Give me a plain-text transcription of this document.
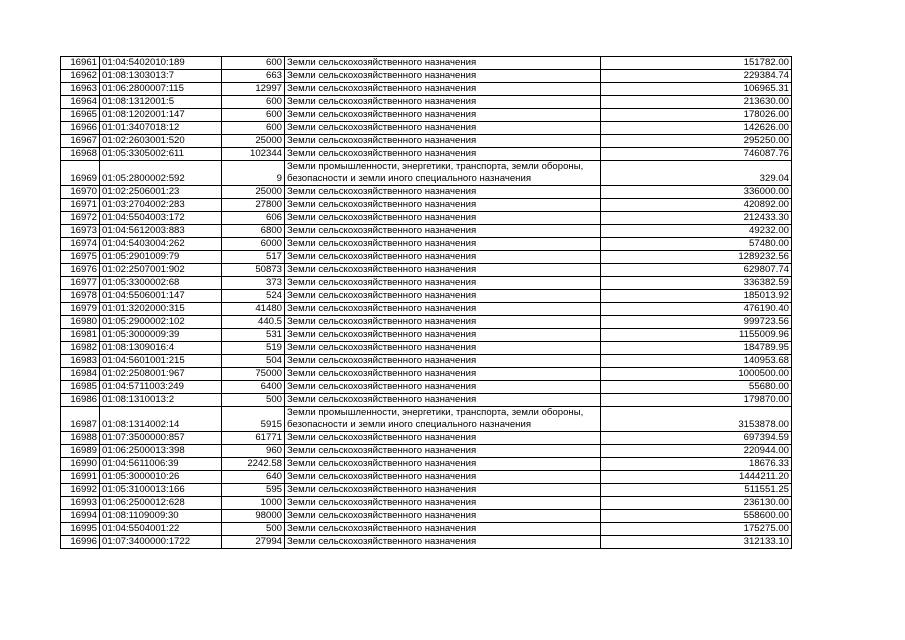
16961	01:04:5402010:189	600	Земли сельскохозяйственного назначения	151782.00
16962	01:08:1303013:7	663	Земли сельскохозяйственного назначения	229384.74
16963	01:06:2800007:115	12997	Земли сельскохозяйственного назначения	106965.31
16964	01:08:1312001:5	600	Земли сельскохозяйственного назначения	213630.00
16965	01:08:1202001:147	600	Земли сельскохозяйственного назначения	178026.00
16966	01:01:3407018:12	600	Земли сельскохозяйственного назначения	142626.00
16967	01:02:2603001:520	25000	Земли сельскохозяйственного назначения	295250.00
16968	01:05:3305002:611	102344	Земли сельскохозяйственного назначения	746087.76
16969	01:05:2800002:592	9	Земли промышленности, энергетики, транспорта, земли обороны, безопасности и земли иного специального назначения	329.04
16970	01:02:2506001:23	25000	Земли сельскохозяйственного назначения	336000.00
16971	01:03:2704002:283	27800	Земли сельскохозяйственного назначения	420892.00
16972	01:04:5504003:172	606	Земли сельскохозяйственного назначения	212433.30
16973	01:04:5612003:883	6800	Земли сельскохозяйственного назначения	49232.00
16974	01:04:5403004:262	6000	Земли сельскохозяйственного назначения	57480.00
16975	01:05:2901009:79	517	Земли сельскохозяйственного назначения	1289232.56
16976	01:02:2507001:902	50873	Земли сельскохозяйственного назначения	629807.74
16977	01:05:3300002:68	373	Земли сельскохозяйственного назначения	336382.59
16978	01:04:5506001:147	524	Земли сельскохозяйственного назначения	185013.92
16979	01:01:3202000:315	41480	Земли сельскохозяйственного назначения	476190.40
16980	01:05:2900002:102	440.5	Земли сельскохозяйственного назначения	999723.56
16981	01:05:3000009:39	531	Земли сельскохозяйственного назначения	1155009.96
16982	01:08:1309016:4	519	Земли сельскохозяйственного назначения	184789.95
16983	01:04:5601001:215	504	Земли сельскохозяйственного назначения	140953.68
16984	01:02:2508001:967	75000	Земли сельскохозяйственного назначения	1000500.00
16985	01:04:5711003:249	6400	Земли сельскохозяйственного назначения	55680.00
16986	01:08:1310013:2	500	Земли сельскохозяйственного назначения	179870.00
16987	01:08:1314002:14	5915	Земли промышленности, энергетики, транспорта, земли обороны, безопасности и земли иного специального назначения	3153878.00
16988	01:07:3500000:857	61771	Земли сельскохозяйственного назначения	697394.59
16989	01:06:2500013:398	960	Земли сельскохозяйственного назначения	220944.00
16990	01:04:5611006:39	2242.58	Земли сельскохозяйственного назначения	18676.33
16991	01:05:3000010:26	640	Земли сельскохозяйственного назначения	1444211.20
16992	01:05:3100013:166	595	Земли сельскохозяйственного назначения	511551.25
16993	01:06:2500012:628	1000	Земли сельскохозяйственного назначения	236130.00
16994	01:08:1109009:30	98000	Земли сельскохозяйственного назначения	558600.00
16995	01:04:5504001:22	500	Земли сельскохозяйственного назначения	175275.00
16996	01:07:3400000:1722	27994	Земли сельскохозяйственного назначения	312133.10
